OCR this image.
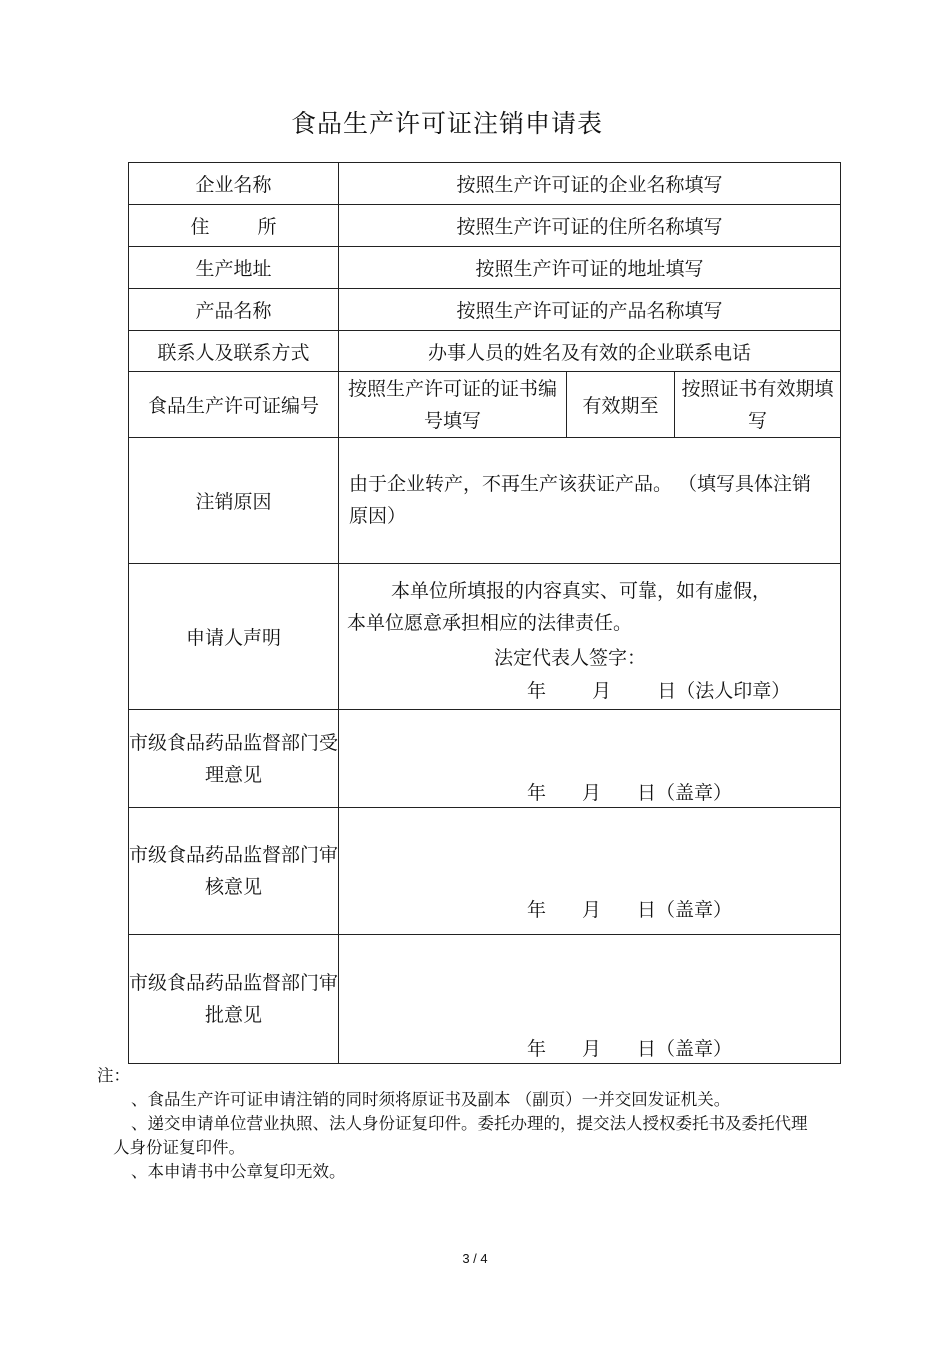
食品生产许可证注销申请表
企业名称	按照生产许可证的企业名称填写		

住 所	按照生产许可证的住所名称填写		
生产地址	按照生产许可证的地址填写		
产品名称	按照生产许可证的产品名称填写		
联系人及联系方式	办事人员的姓名及有效的企业联系电话		
食品生产许可证编号	按照生产许可证的证书编号填写	有效期至	按照证书有效期填写
注销原因	由于企业转产，不再生产该获证产品。 （填写具体注销原因）		

申请人声明	本单位所填报的内容真实、可靠，如有虚假，
本单位愿意承担相应的法律责任。
法定代表人签字：
年 月 日（法人印章）		

市级食品药品监督部门受理意见	年 月 日（盖章）		

市级食品药品监督部门审核意见	年 月 日（盖章）		

市级食品药品监督部门审批意见	年 月 日（盖章）		
注：
、食品生产许可证申请注销的同时须将原证书及副本 （副页）一并交回发证机关。
、递交申请单位营业执照、法人身份证复印件。委托办理的，提交法人授权委托书及委托代理
人身份证复印件。
、本申请书中公章复印无效。
3 / 4
